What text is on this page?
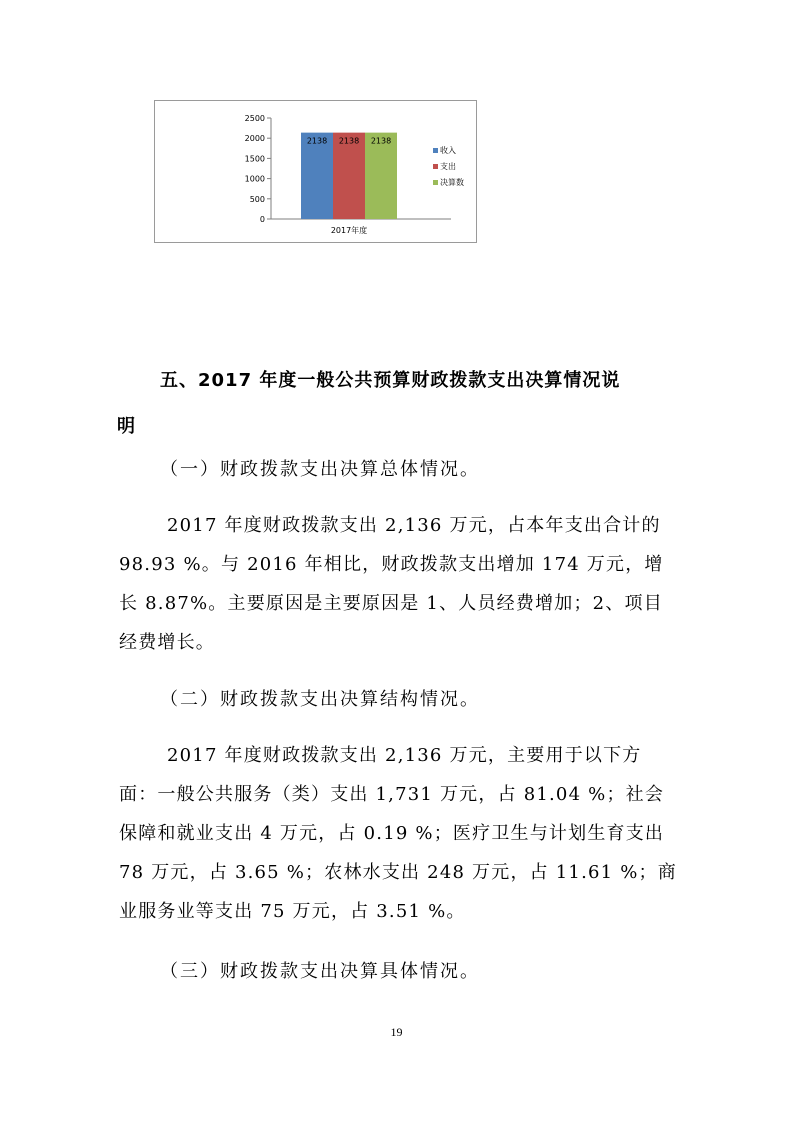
0
500
1000
1500
2000
2500
2138 2138 2138
2017年度
收入
支出
决算数
五、2017 年度一般公共预算财政拨款支出决算情况说
明
（一）财政拨款支出决算总体情况。
2017 年度财政拨款支出 2,136 万元，占本年支出合计的 98.93 %。与 2016 年相比，财政拨款支出增加 174 万元，增长 8.87%。主要原因是主要原因是 1、人员经费增加；2、项目经费增长。
（二）财政拨款支出决算结构情况。
2017 年度财政拨款支出 2,136 万元，主要用于以下方面：一般公共服务（类）支出 1,731 万元，占 81.04 %；社会保障和就业支出 4 万元，占 0.19 %；医疗卫生与计划生育支出 78 万元，占 3.65 %；农林水支出 248 万元，占 11.61 %；商业服务业等支出 75 万元，占 3.51 %。
（三）财政拨款支出决算具体情况。
19
